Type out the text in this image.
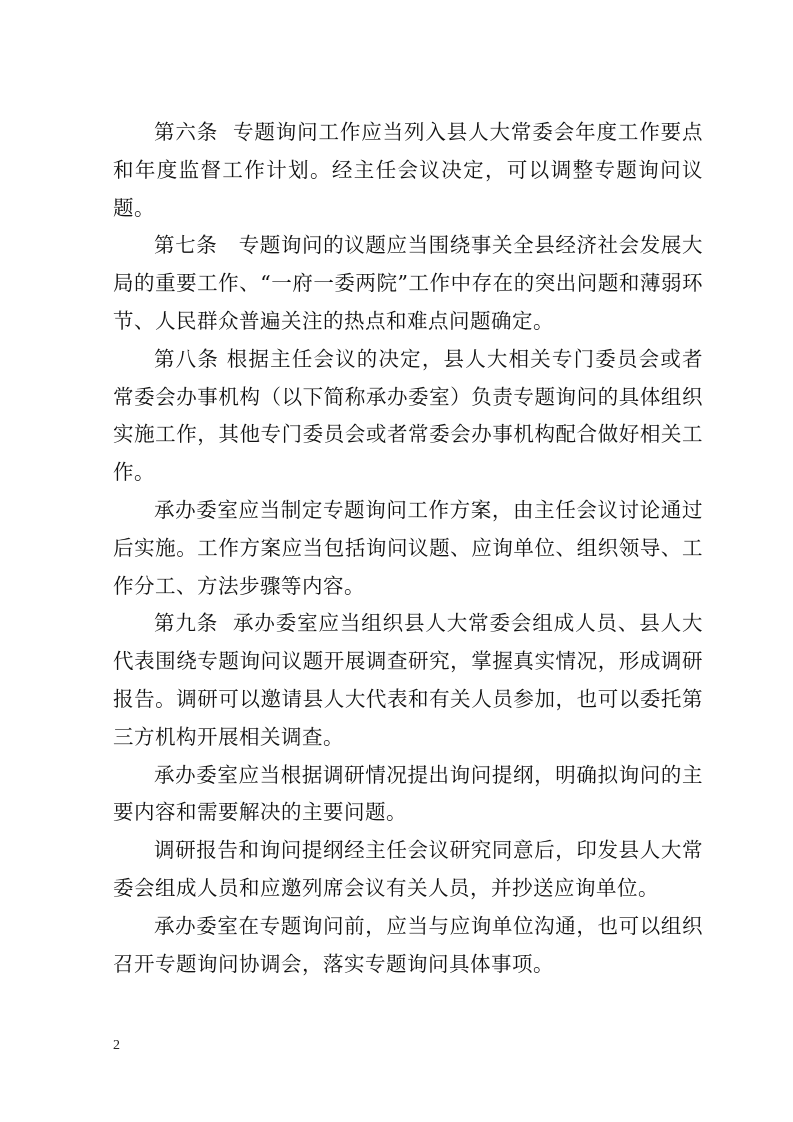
第六条  专题询问工作应当列入县人大常委会年度工作要点和年度监督工作计划。经主任会议决定，可以调整专题询问议题。

第七条   专题询问的议题应当围绕事关全县经济社会发展大局的重要工作、“一府一委两院”工作中存在的突出问题和薄弱环节、人民群众普遍关注的热点和难点问题确定。

第八条 根据主任会议的决定，县人大相关专门委员会或者常委会办事机构（以下简称承办委室）负责专题询问的具体组织实施工作，其他专门委员会或者常委会办事机构配合做好相关工作。

承办委室应当制定专题询问工作方案，由主任会议讨论通过后实施。工作方案应当包括询问议题、应询单位、组织领导、工作分工、方法步骤等内容。

第九条  承办委室应当组织县人大常委会组成人员、县人大代表围绕专题询问议题开展调查研究，掌握真实情况，形成调研报告。调研可以邀请县人大代表和有关人员参加，也可以委托第三方机构开展相关调查。

承办委室应当根据调研情况提出询问提纲，明确拟询问的主要内容和需要解决的主要问题。

调研报告和询问提纲经主任会议研究同意后，印发县人大常委会组成人员和应邀列席会议有关人员，并抄送应询单位。

承办委室在专题询问前，应当与应询单位沟通，也可以组织召开专题询问协调会，落实专题询问具体事项。

2
